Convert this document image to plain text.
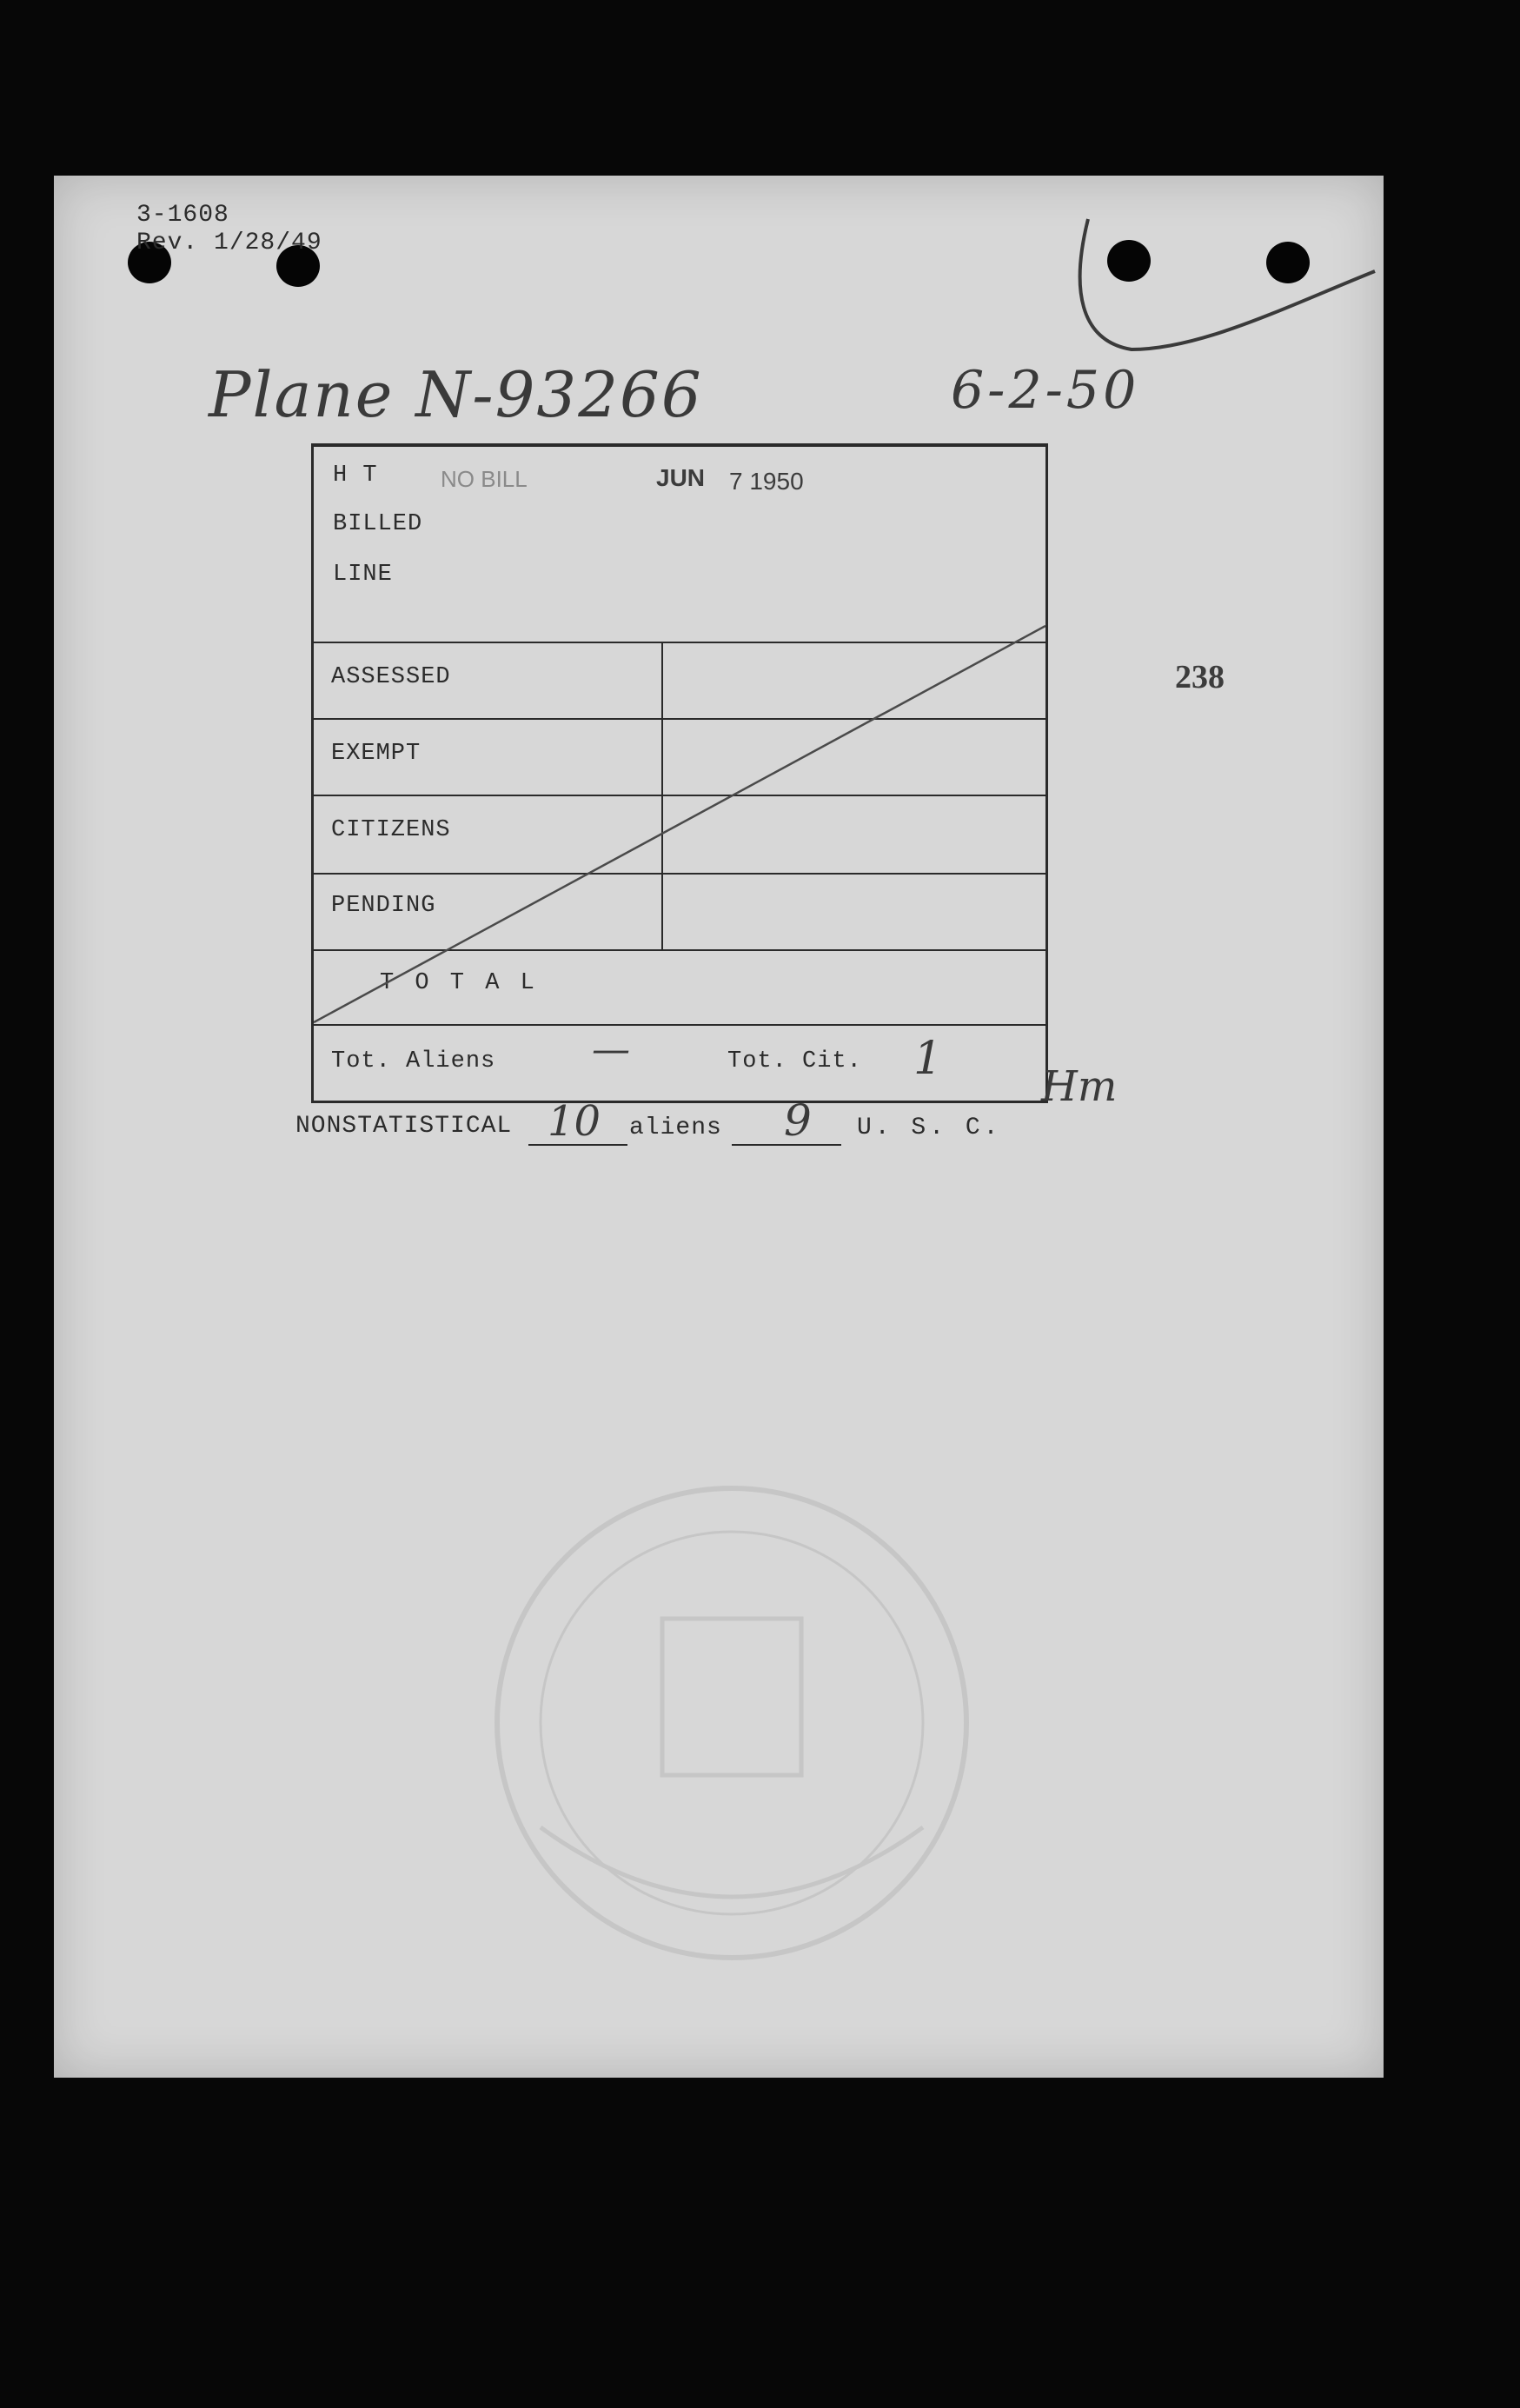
3-1608
Rev. 1/28/49
Plane N-93266	6-2-50
238
H T
BILLED
LINE
NO BILL	JUN 7 1950
ASSESSED
EXEMPT
CITIZENS
PENDING
T O T A L
Tot. Aliens	—	Tot. Cit. 1
Hm
NONSTATISTICAL 10 aliens 9 U. S. C.
